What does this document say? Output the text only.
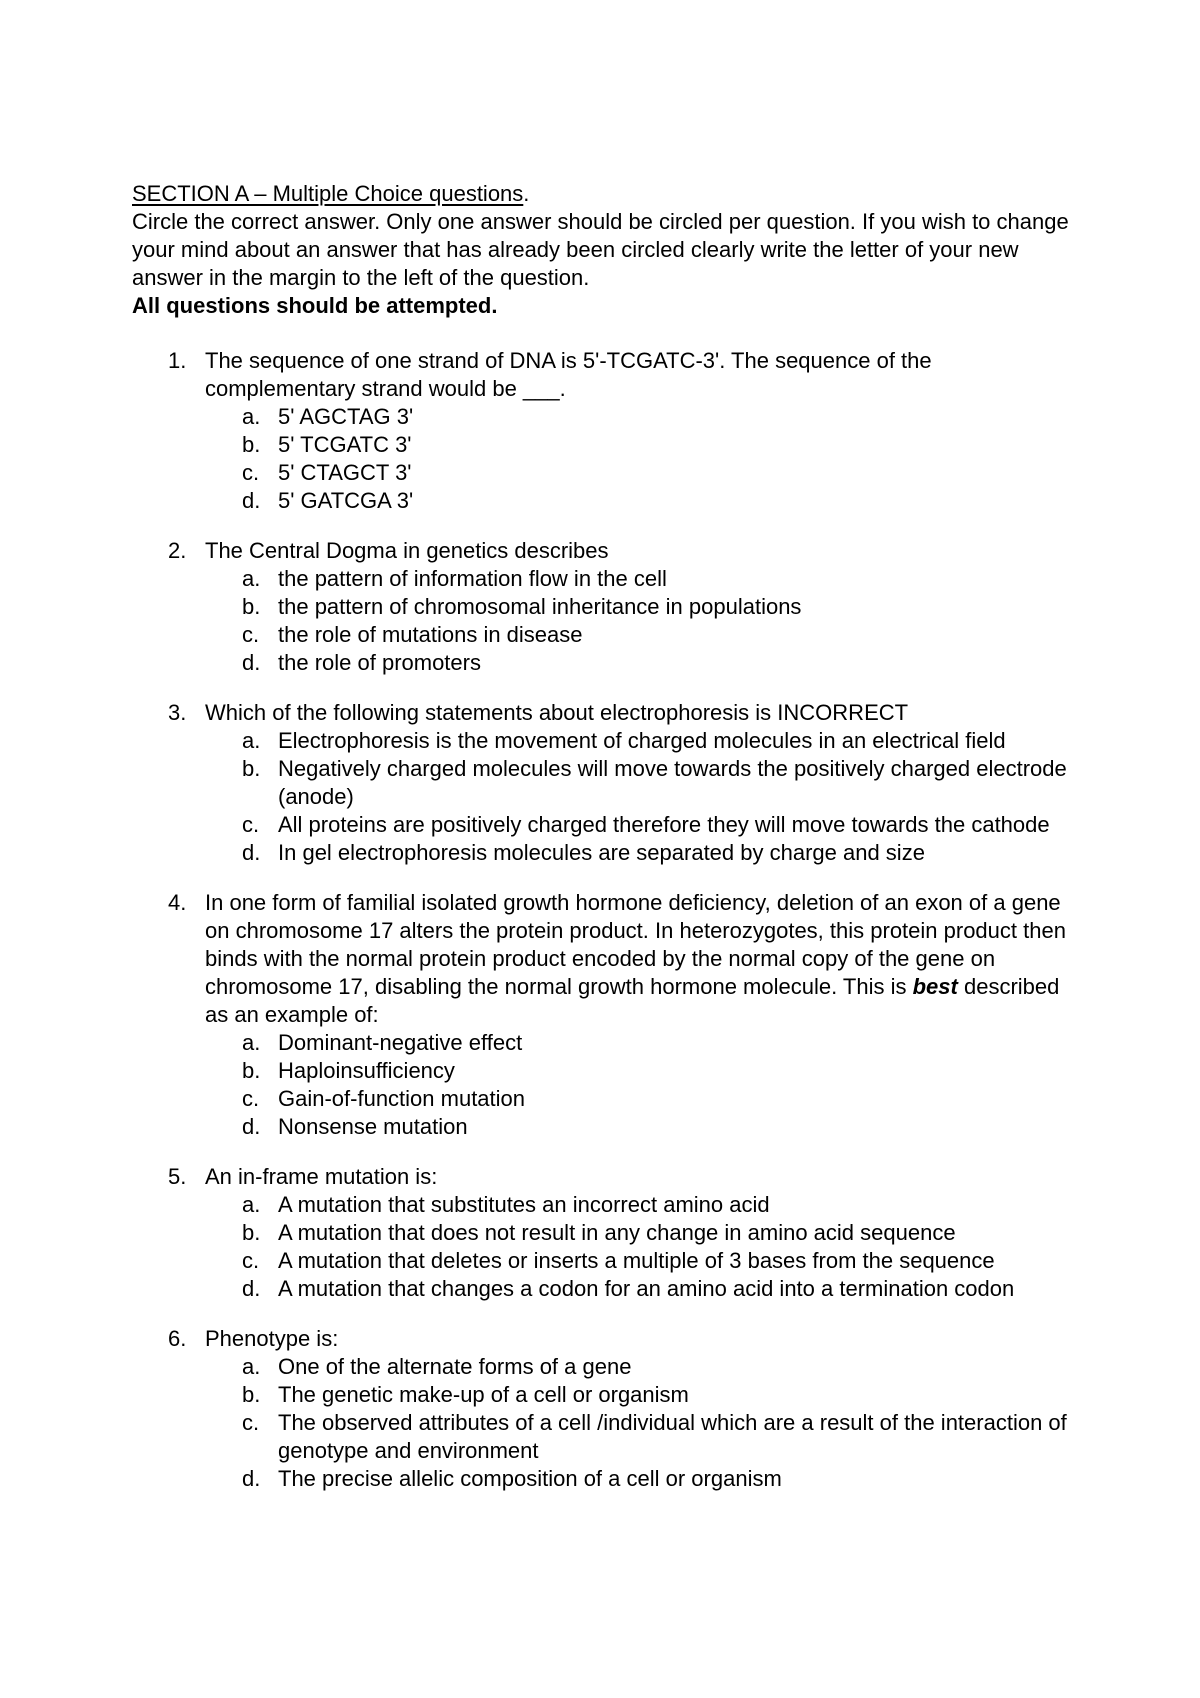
SECTION A – Multiple Choice questions.

Circle the correct answer. Only one answer should be circled per question. If you wish to change your mind about an answer that has already been circled clearly write the letter of your new answer in the margin to the left of the question.

All questions should be attempted.
1. The sequence of one strand of DNA is 5'-TCGATC-3'. The sequence of the complementary strand would be ___.
a. 5' AGCTAG 3'
b. 5' TCGATC 3'
c. 5' CTAGCT 3'
d. 5' GATCGA 3'
2. The Central Dogma in genetics describes
a. the pattern of information flow in the cell
b. the pattern of chromosomal inheritance in populations
c. the role of mutations in disease
d. the role of promoters
3. Which of the following statements about electrophoresis is INCORRECT
a. Electrophoresis is the movement of charged molecules in an electrical field
b. Negatively charged molecules will move towards the positively charged electrode (anode)
c. All proteins are positively charged therefore they will move towards the cathode
d. In gel electrophoresis molecules are separated by charge and size
4. In one form of familial isolated growth hormone deficiency, deletion of an exon of a gene on chromosome 17 alters the protein product. In heterozygotes, this protein product then binds with the normal protein product encoded by the normal copy of the gene on chromosome 17, disabling the normal growth hormone molecule. This is best described as an example of:
a. Dominant-negative effect
b. Haploinsufficiency
c. Gain-of-function mutation
d. Nonsense mutation
5. An in-frame mutation is:
a. A mutation that substitutes an incorrect amino acid
b. A mutation that does not result in any change in amino acid sequence
c. A mutation that deletes or inserts a multiple of 3 bases from the sequence
d. A mutation that changes a codon for an amino acid into a termination codon
6. Phenotype is:
a. One of the alternate forms of a gene
b. The genetic make-up of a cell or organism
c. The observed attributes of a cell /individual which are a result of the interaction of genotype and environment
d. The precise allelic composition of a cell or organism
